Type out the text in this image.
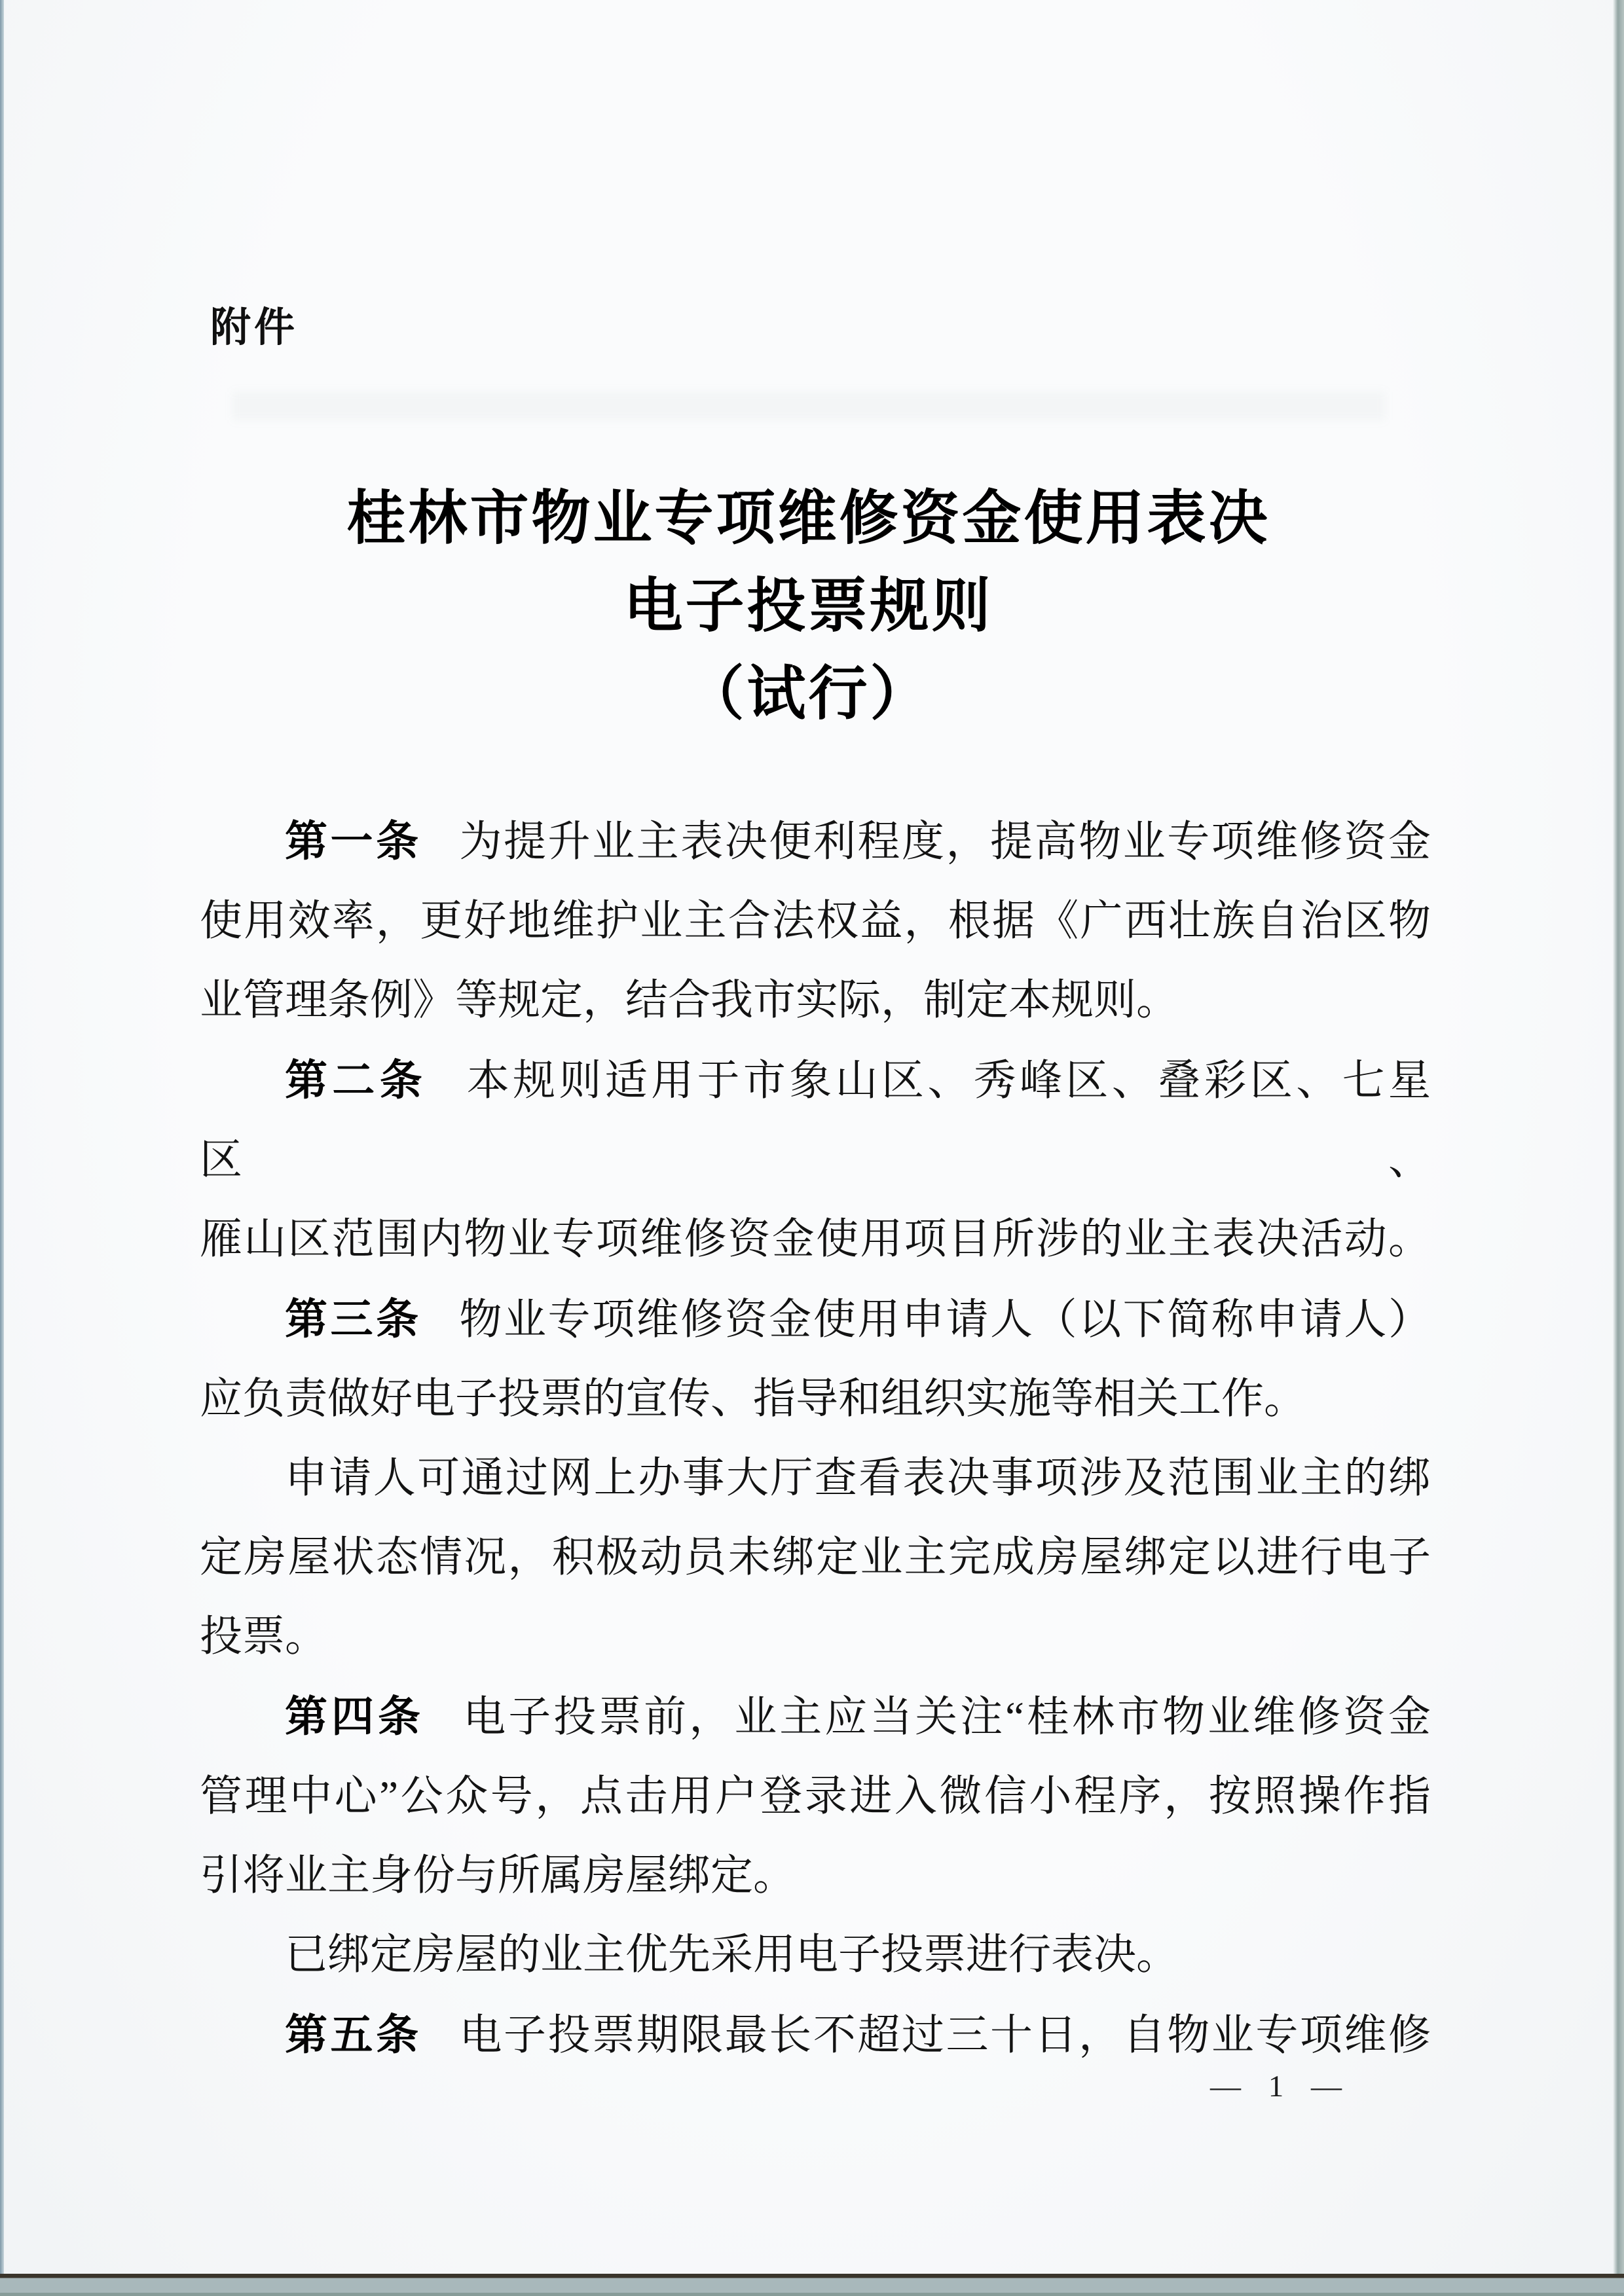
附件
桂林市物业专项维修资金使用表决
电子投票规则
（试行）
第一条 为提升业主表决便利程度，提高物业专项维修资金
使用效率，更好地维护业主合法权益，根据《广西壮族自治区物
业管理条例》等规定，结合我市实际，制定本规则。
第二条 本规则适用于市象山区、秀峰区、叠彩区、七星区、
雁山区范围内物业专项维修资金使用项目所涉的业主表决活动。
第三条 物业专项维修资金使用申请人（以下简称申请人）
应负责做好电子投票的宣传、指导和组织实施等相关工作。
申请人可通过网上办事大厅查看表决事项涉及范围业主的绑
定房屋状态情况，积极动员未绑定业主完成房屋绑定以进行电子
投票。
第四条 电子投票前，业主应当关注“桂林市物业维修资金
管理中心”公众号，点击用户登录进入微信小程序，按照操作指
引将业主身份与所属房屋绑定。
已绑定房屋的业主优先采用电子投票进行表决。
第五条 电子投票期限最长不超过三十日，自物业专项维修
— 1 —
